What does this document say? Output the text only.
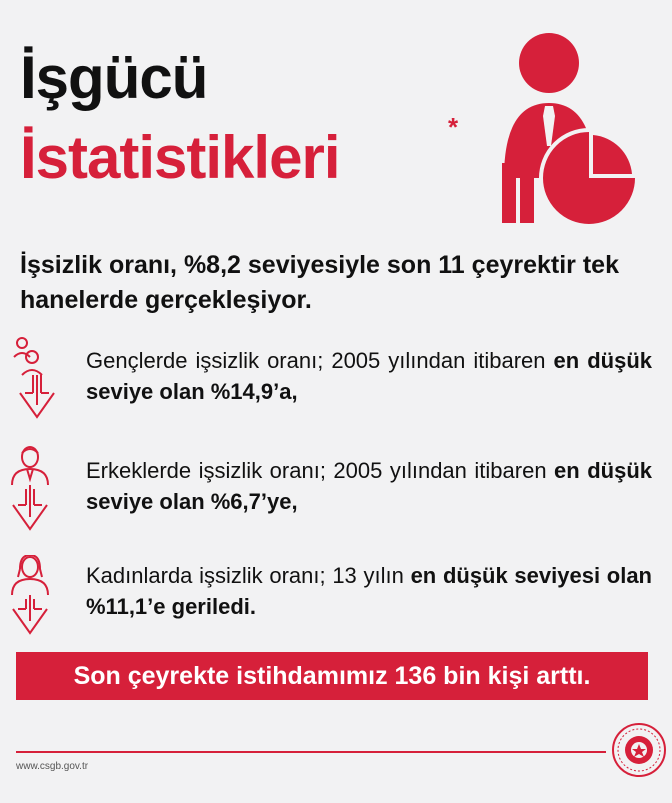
İşgücü
İstatistikleri	*
İşsizlik oranı, %8,2 seviyesiyle son 11 çeyrektir tek hanelerde gerçekleşiyor.
Gençlerde işsizlik oranı; 2005 yılından itibaren en düşük seviye olan %14,9’a,
Erkeklerde işsizlik oranı; 2005 yılından itibaren en düşük seviye olan %6,7’ye,
Kadınlarda işsizlik oranı; 13 yılın en düşük seviyesi olan %11,1’e geriledi.
Son çeyrekte istihdamımız 136 bin kişi arttı.
www.csgb.gov.tr
